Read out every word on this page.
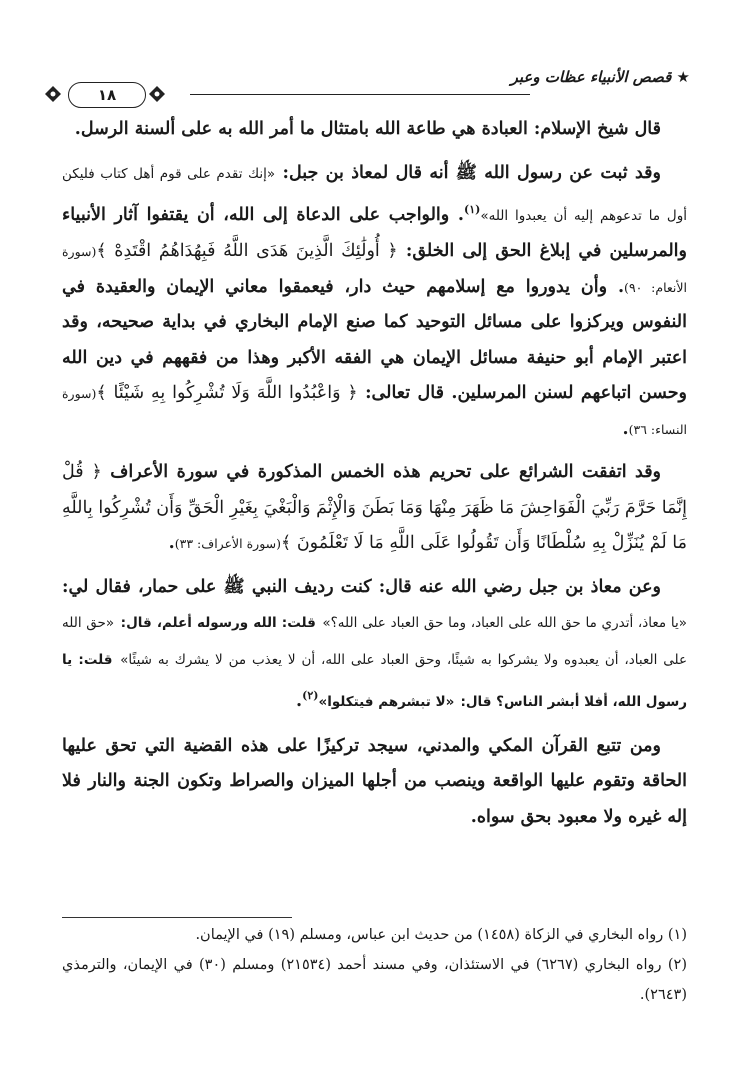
★ قصص الأنبياء عظات وعبر
١٨

قال شيخ الإسلام: العبادة هي طاعة الله بامتثال ما أمر الله به على ألسنة الرسل.

وقد ثبت عن رسول الله ﷺ أنه قال لمعاذ بن جبل: «إنك تقدم على قوم أهل كتاب فليكن أول ما تدعوهم إليه أن يعبدوا الله»$^{(١)}$. والواجب على الدعاة إلى الله، أن يقتفوا آثار الأنبياء والمرسلين في إبلاغ الحق إلى الخلق: ﴿ أُولَٰئِكَ الَّذِينَ هَدَى اللَّهُ فَبِهُدَاهُمُ اقْتَدِهْ ﴾(سورة الأنعام: ٩٠). وأن يدوروا مع إسلامهم حيث دار، فيعمقوا معاني الإيمان والعقيدة في النفوس ويركزوا على مسائل التوحيد كما صنع الإمام البخاري في بداية صحيحه، وقد اعتبر الإمام أبو حنيفة مسائل الإيمان هي الفقه الأكبر وهذا من فقههم في دين الله وحسن اتباعهم لسنن المرسلين. قال تعالى: ﴿ وَاعْبُدُوا اللَّهَ وَلَا تُشْرِكُوا بِهِ شَيْئًا ﴾(سورة النساء: ٣٦).

وقد اتفقت الشرائع على تحريم هذه الخمس المذكورة في سورة الأعراف ﴿ قُلْ إِنَّمَا حَرَّمَ رَبِّيَ الْفَوَاحِشَ مَا ظَهَرَ مِنْهَا وَمَا بَطَنَ وَالْإِثْمَ وَالْبَغْيَ بِغَيْرِ الْحَقِّ وَأَن تُشْرِكُوا بِاللَّهِ مَا لَمْ يُنَزِّلْ بِهِ سُلْطَانًا وَأَن تَقُولُوا عَلَى اللَّهِ مَا لَا تَعْلَمُونَ ﴾(سورة الأعراف: ٣٣).

وعن معاذ بن جبل رضي الله عنه قال: كنت رديف النبي ﷺ على حمار، فقال لي: «يا معاذ، أتدري ما حق الله على العباد، وما حق العباد على الله؟» قلت: الله ورسوله أعلم، قال: «حق الله على العباد، أن يعبدوه ولا يشركوا به شيئًا، وحق العباد على الله، أن لا يعذب من لا يشرك به شيئًا» قلت: يا رسول الله، أفلا أبشر الناس؟ قال: «لا تبشرهم فيتكلوا»$^{(٢)}$.

ومن تتبع القرآن المكي والمدني، سيجد تركيزًا على هذه القضية التي تحق عليها الحاقة وتقوم عليها الواقعة وينصب من أجلها الميزان والصراط وتكون الجنة والنار فلا إله غيره ولا معبود بحق سواه.

(١) رواه البخاري في الزكاة (١٤٥٨) من حديث ابن عباس، ومسلم (١٩) في الإيمان.

(٢) رواه البخاري (٦٢٦٧) في الاستئذان، وفي مسند أحمد (٢١٥٣٤) ومسلم (٣٠) في الإيمان، والترمذي (٢٦٤٣).
